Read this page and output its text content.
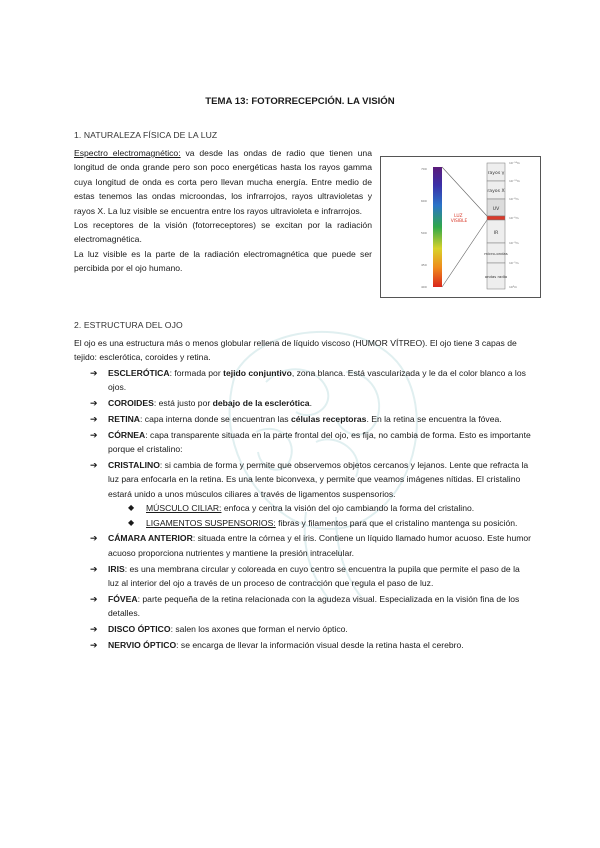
TEMA 13: FOTORRECEPCIÓN. LA VISIÓN
1. NATURALEZA FÍSICA DE LA LUZ

Espectro electromagnético: va desde las ondas de radio que tienen una longitud de onda grande pero son poco energéticas hasta los rayos gamma cuya longitud de onda es corta pero llevan mucha energía. Entre medio de estas tenemos las ondas microondas, los infrarrojos, rayos ultravioletas y rayos X. La luz visible se encuentra entre los rayos ultravioleta e infrarrojos.

Los receptores de la visión (fotorreceptores) se excitan por la radiación electromagnética.

La luz visible es la parte de la radiación electromagnética que puede ser percibida por el ojo humano.

700
600
500
450
400
LUZ VISIBLE
rayos γ
rayos X
UV
IR
micro-ondas
ondas radio
10⁻¹⁴m
10⁻¹²m
10⁻⁸m
10⁻⁶m
10⁻³m
10⁻¹m
10³m
2. ESTRUCTURA DEL OJO
El ojo es una estructura más o menos globular rellena de líquido viscoso (HUMOR VÍTREO). El ojo tiene 3 capas de tejido: esclerótica, coroides y retina.
➔ ESCLERÓTICA: formada por tejido conjuntivo, zona blanca. Está vascularizada y le da el color blanco a los ojos.
➔ COROIDES: está justo por debajo de la esclerótica.
➔ RETINA: capa interna donde se encuentran las células receptoras. En la retina se encuentra la fóvea.
➔ CÓRNEA: capa transparente situada en la parte frontal del ojo, es fija, no cambia de forma. Esto es importante porque el cristalino:
➔ CRISTALINO: si cambia de forma y permite que observemos objetos cercanos y lejanos. Lente que refracta la luz para enfocarla en la retina. Es una lente biconvexa, y permite que veamos imágenes nítidas. El cristalino estará unido a unos músculos ciliares a través de ligamentos suspensorios.
◆ MÚSCULO CILIAR: enfoca y centra la visión del ojo cambiando la forma del cristalino.
◆ LIGAMENTOS SUSPENSORIOS: fibras y filamentos para que el cristalino mantenga su posición.
➔ CÁMARA ANTERIOR: situada entre la córnea y el iris. Contiene un líquido llamado humor acuoso. Este humor acuoso proporciona nutrientes y mantiene la presión intracelular.
➔ IRIS: es una membrana circular y coloreada en cuyo centro se encuentra la pupila que permite el paso de la luz al interior del ojo a través de un proceso de contracción que regula el paso de luz.
➔ FÓVEA: parte pequeña de la retina relacionada con la agudeza visual. Especializada en la visión fina de los detalles.
➔ DISCO ÓPTICO: salen los axones que forman el nervio óptico.
➔ NERVIO ÓPTICO: se encarga de llevar la información visual desde la retina hasta el cerebro.
